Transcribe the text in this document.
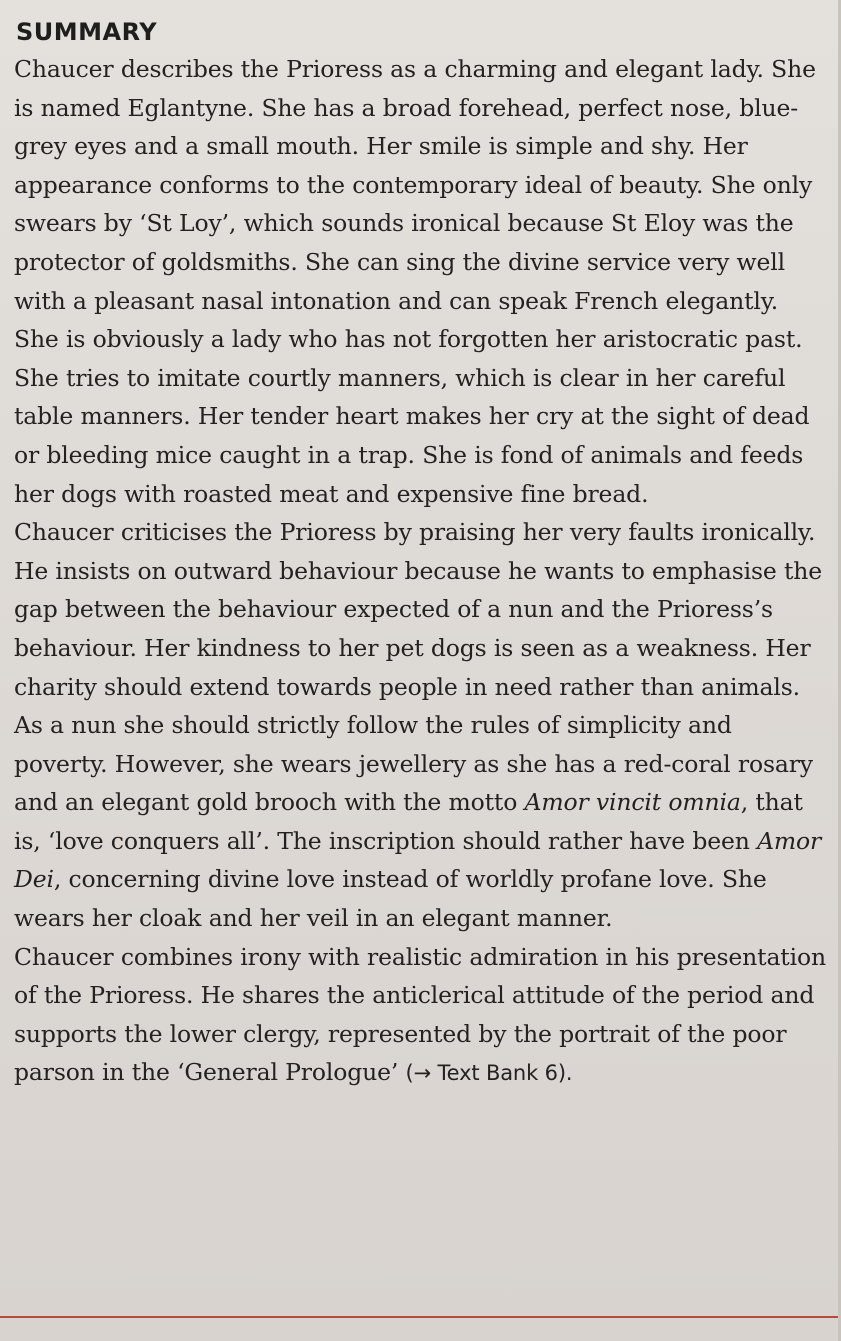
SUMMARY

Chaucer describes the Prioress as a charming and elegant lady. She is named Eglantyne. She has a broad forehead, perfect nose, blue-grey eyes and a small mouth. Her smile is simple and shy. Her appearance conforms to the contemporary ideal of beauty. She only swears by ‘St Loy’, which sounds ironical because St Eloy was the protector of goldsmiths. She can sing the divine service very well with a pleasant nasal intonation and can speak French elegantly. She is obviously a lady who has not forgotten her aristocratic past. She tries to imitate courtly manners, which is clear in her careful table manners. Her tender heart makes her cry at the sight of dead or bleeding mice caught in a trap. She is fond of animals and feeds her dogs with roasted meat and expensive fine bread.

Chaucer criticises the Prioress by praising her very faults ironically. He insists on outward behaviour because he wants to emphasise the gap between the behaviour expected of a nun and the Prioress’s behaviour. Her kindness to her pet dogs is seen as a weakness. Her charity should extend towards people in need rather than animals. As a nun she should strictly follow the rules of simplicity and poverty. However, she wears jewellery as she has a red-coral rosary and an elegant gold brooch with the motto Amor vincit omnia, that is, ‘love conquers all’. The inscription should rather have been Amor Dei, concerning divine love instead of worldly profane love. She wears her cloak and her veil in an elegant manner.

Chaucer combines irony with realistic admiration in his presentation of the Prioress. He shares the anticlerical attitude of the period and supports the lower clergy, represented by the portrait of the poor parson in the ‘General Prologue’ (→ Text Bank 6).
